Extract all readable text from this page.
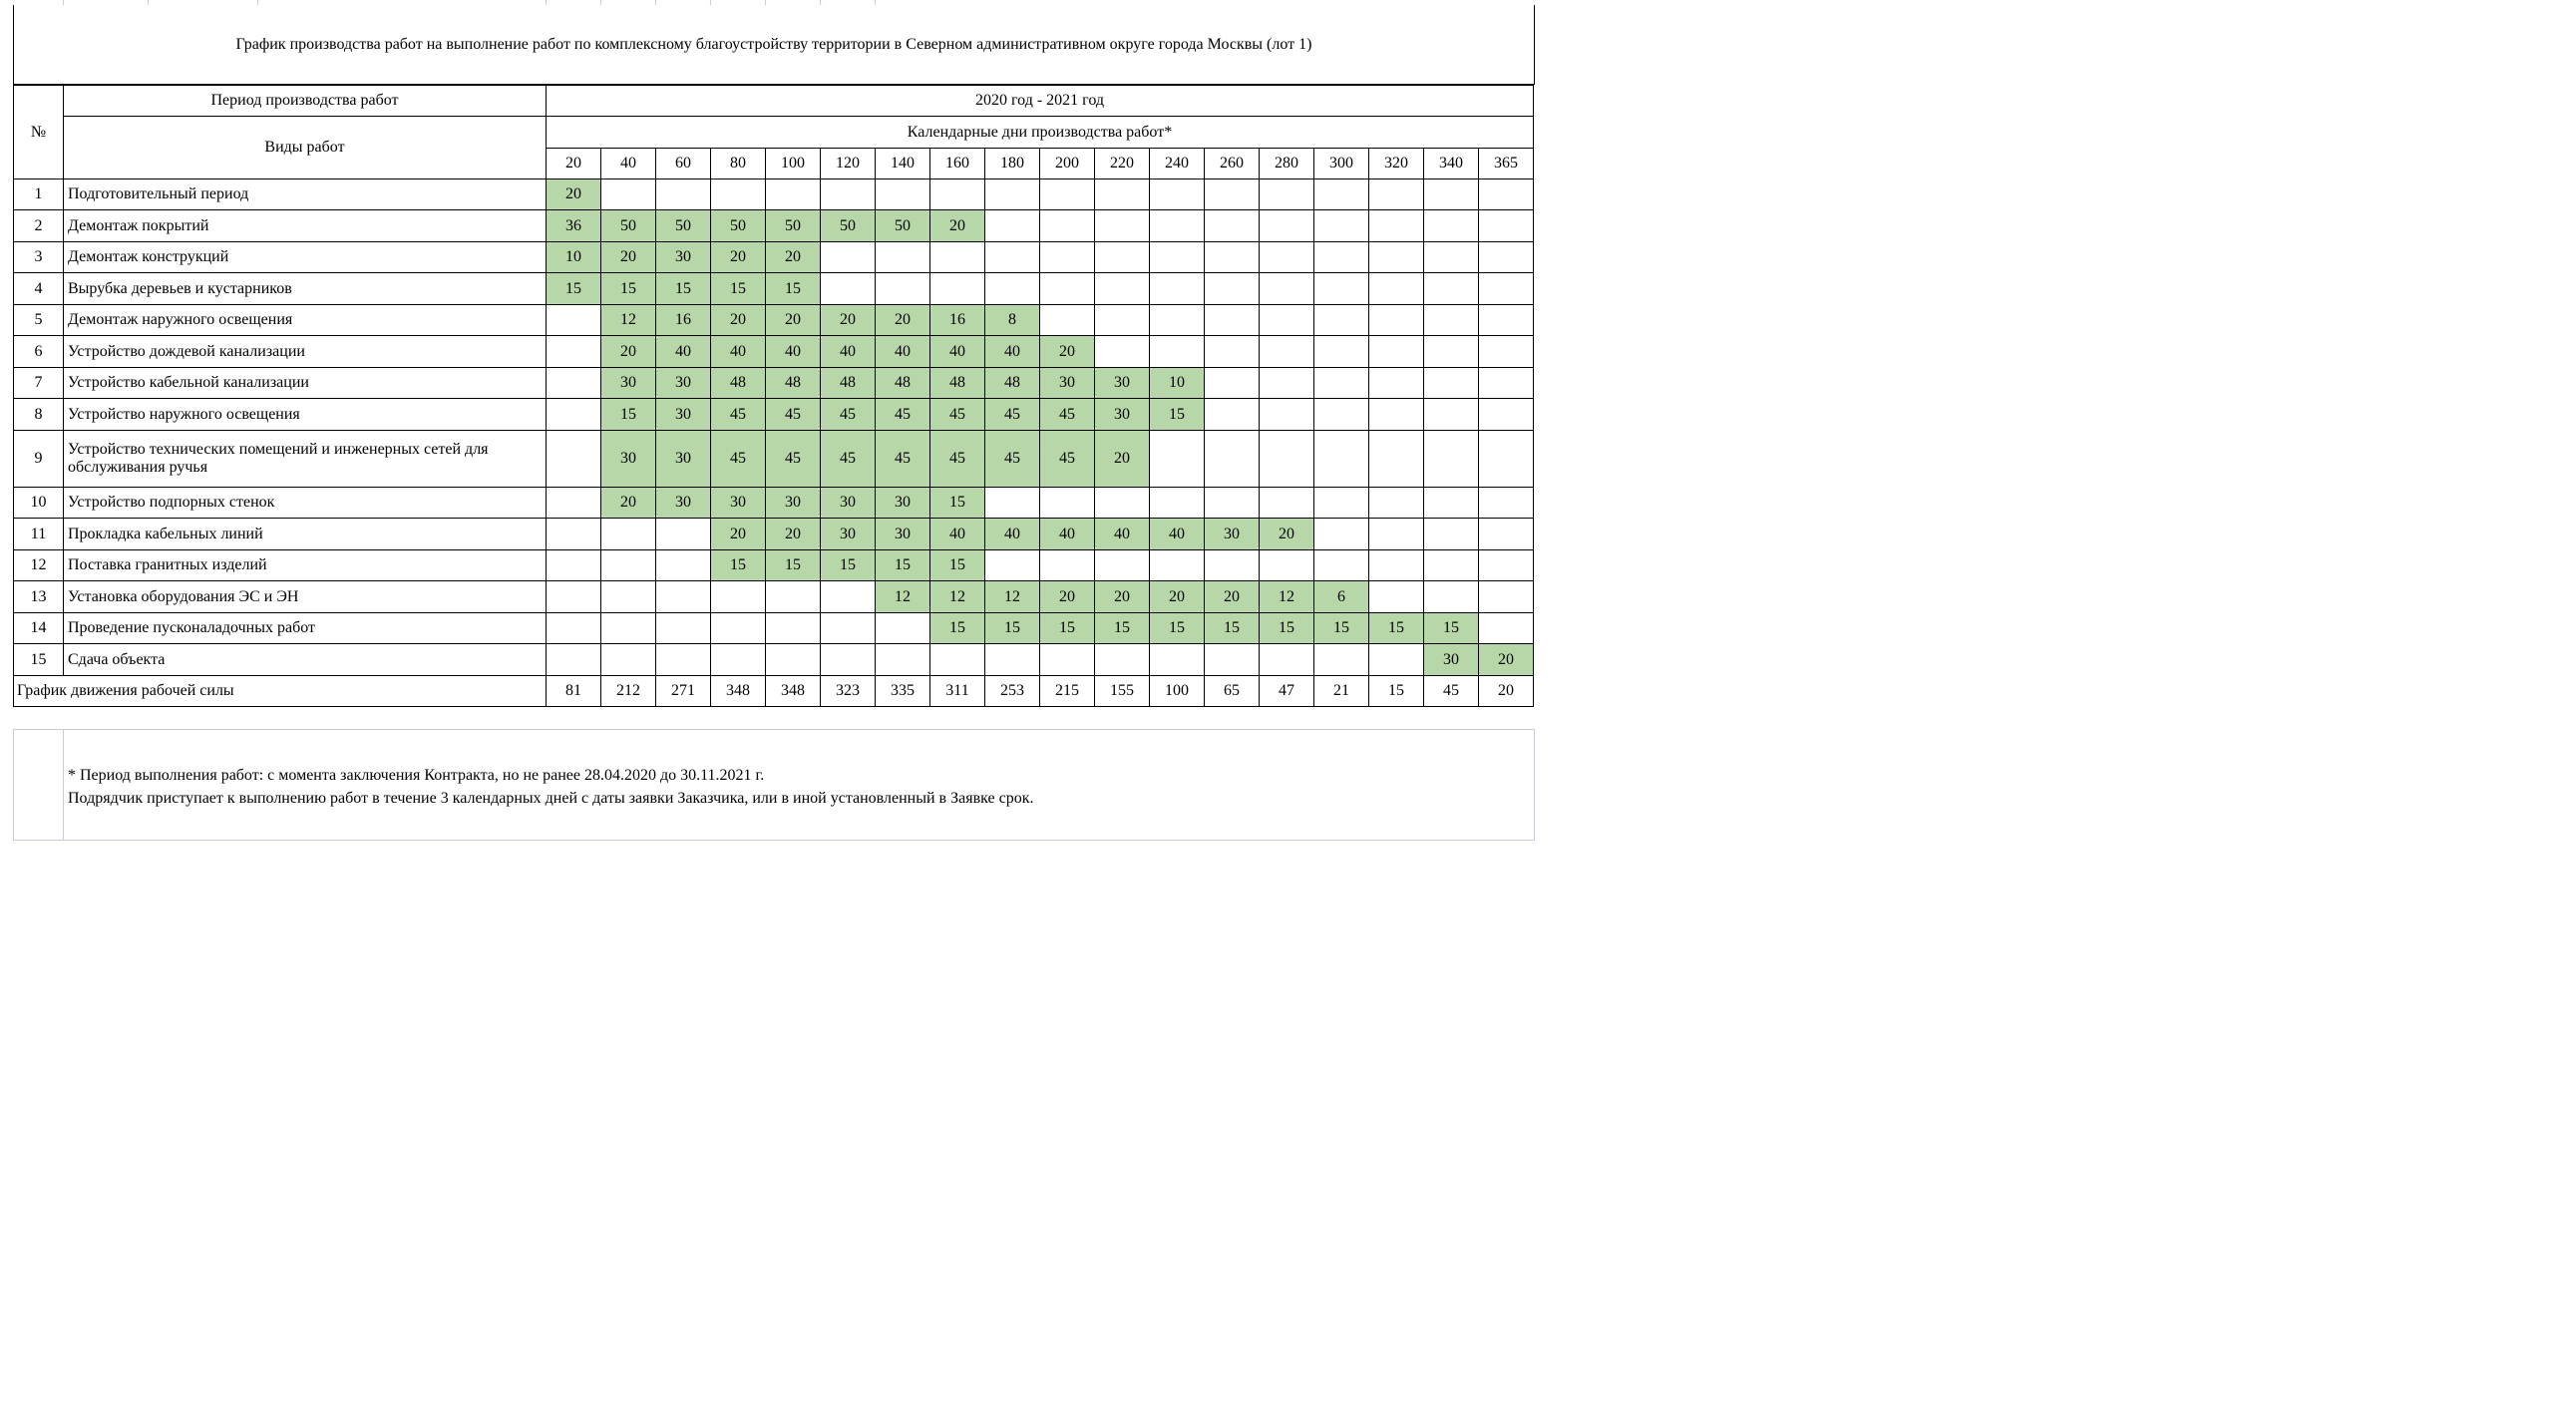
График производства работ на выполнение работ по комплексному благоустройству территории в Северном административном округе города Москвы (лот 1)
№	Период производства работ	2020 год - 2021 год																	
	Виды работ	Календарные дни производства работ*																	
		20	40	60	80	100	120	140	160	180	200	220	240	260	280	300	320	340	365
1	Подготовительный период	20																	
2	Демонтаж покрытий	36	50	50	50	50	50	50	20										
3	Демонтаж конструкций	10	20	30	20	20													
4	Вырубка деревьев и кустарников	15	15	15	15	15													
5	Демонтаж наружного освещения		12	16	20	20	20	20	16	8									
6	Устройство дождевой канализации		20	40	40	40	40	40	40	40	20								
7	Устройство кабельной канализации		30	30	48	48	48	48	48	48	30	30	10						
8	Устройство наружного освещения		15	30	45	45	45	45	45	45	45	30	15						
9	Устройство технических помещений и инженерных сетей для обслуживания ручья		30	30	45	45	45	45	45	45	45	20							
10	Устройство подпорных стенок		20	30	30	30	30	30	15										
11	Прокладка кабельных линий				20	20	30	30	40	40	40	40	40	30	20				
12	Поставка гранитных изделий				15	15	15	15	15										
13	Установка оборудования ЭС и ЭН							12	12	12	20	20	20	20	12	6			
14	Проведение пусконаладочных работ								15	15	15	15	15	15	15	15	15	15	
15	Сдача объекта																	30	20
График движения рабочей силы		81	212	271	348	348	323	335	311	253	215	155	100	65	47	21	15	45	20
* Период выполнения работ: с момента заключения Контракта, но не ранее 28.04.2020 до 30.11.2021 г.
Подрядчик приступает к выполнению работ в течение 3 календарных дней с даты заявки Заказчика, или в иной установленный в Заявке срок.
